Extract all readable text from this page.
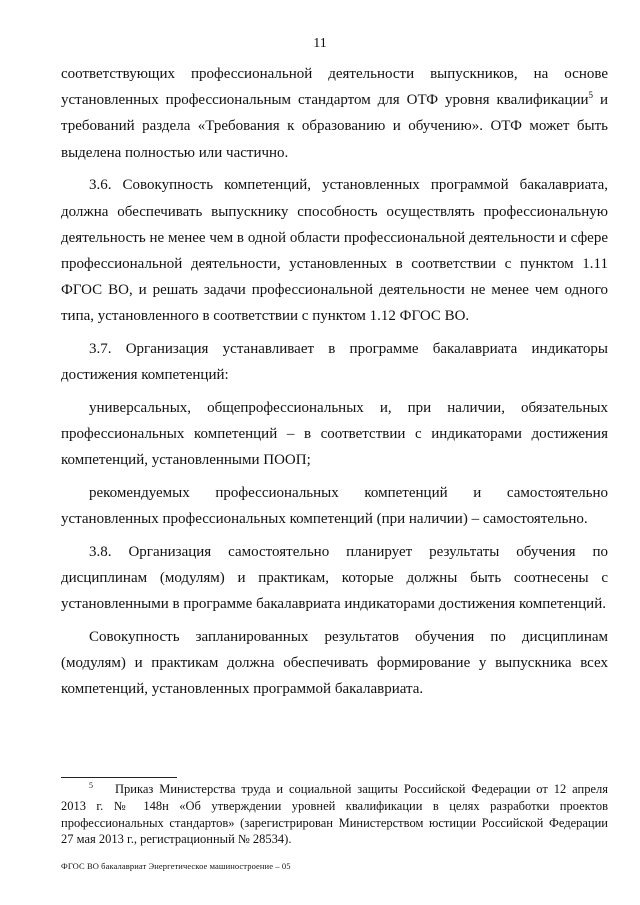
11

соответствующих профессиональной деятельности выпускников, на основе установленных профессиональным стандартом для ОТФ уровня квалификации$^5$ и требований раздела «Требования к образованию и обучению». ОТФ может быть выделена полностью или частично.

3.6. Совокупность компетенций, установленных программой бакалавриата, должна обеспечивать выпускнику способность осуществлять профессиональную деятельность не менее чем в одной области профессиональной деятельности и сфере профессиональной деятельности, установленных в соответствии с пунктом 1.11 ФГОС ВО, и решать задачи профессиональной деятельности не менее чем одного типа, установленного в соответствии с пунктом 1.12 ФГОС ВО.

3.7. Организация устанавливает в программе бакалавриата индикаторы достижения компетенций:

универсальных, общепрофессиональных и, при наличии, обязательных профессиональных компетенций – в соответствии с индикаторами достижения компетенций, установленными ПООП;

рекомендуемых профессиональных компетенций и самостоятельно установленных профессиональных компетенций (при наличии) – самостоятельно.

3.8. Организация самостоятельно планирует результаты обучения по дисциплинам (модулям) и практикам, которые должны быть соотнесены с установленными в программе бакалавриата индикаторами достижения компетенций.

Совокупность запланированных результатов обучения по дисциплинам (модулям) и практикам должна обеспечивать формирование у выпускника всех компетенций, установленных программой бакалавриата.

$^5$ Приказ Министерства труда и социальной защиты Российской Федерации от 12 апреля 2013 г. № 148н «Об утверждении уровней квалификации в целях разработки проектов профессиональных стандартов» (зарегистрирован Министерством юстиции Российской Федерации 27 мая 2013 г., регистрационный № 28534).
ФГОС ВО бакалавриат Энергетическое машиностроение – 05
